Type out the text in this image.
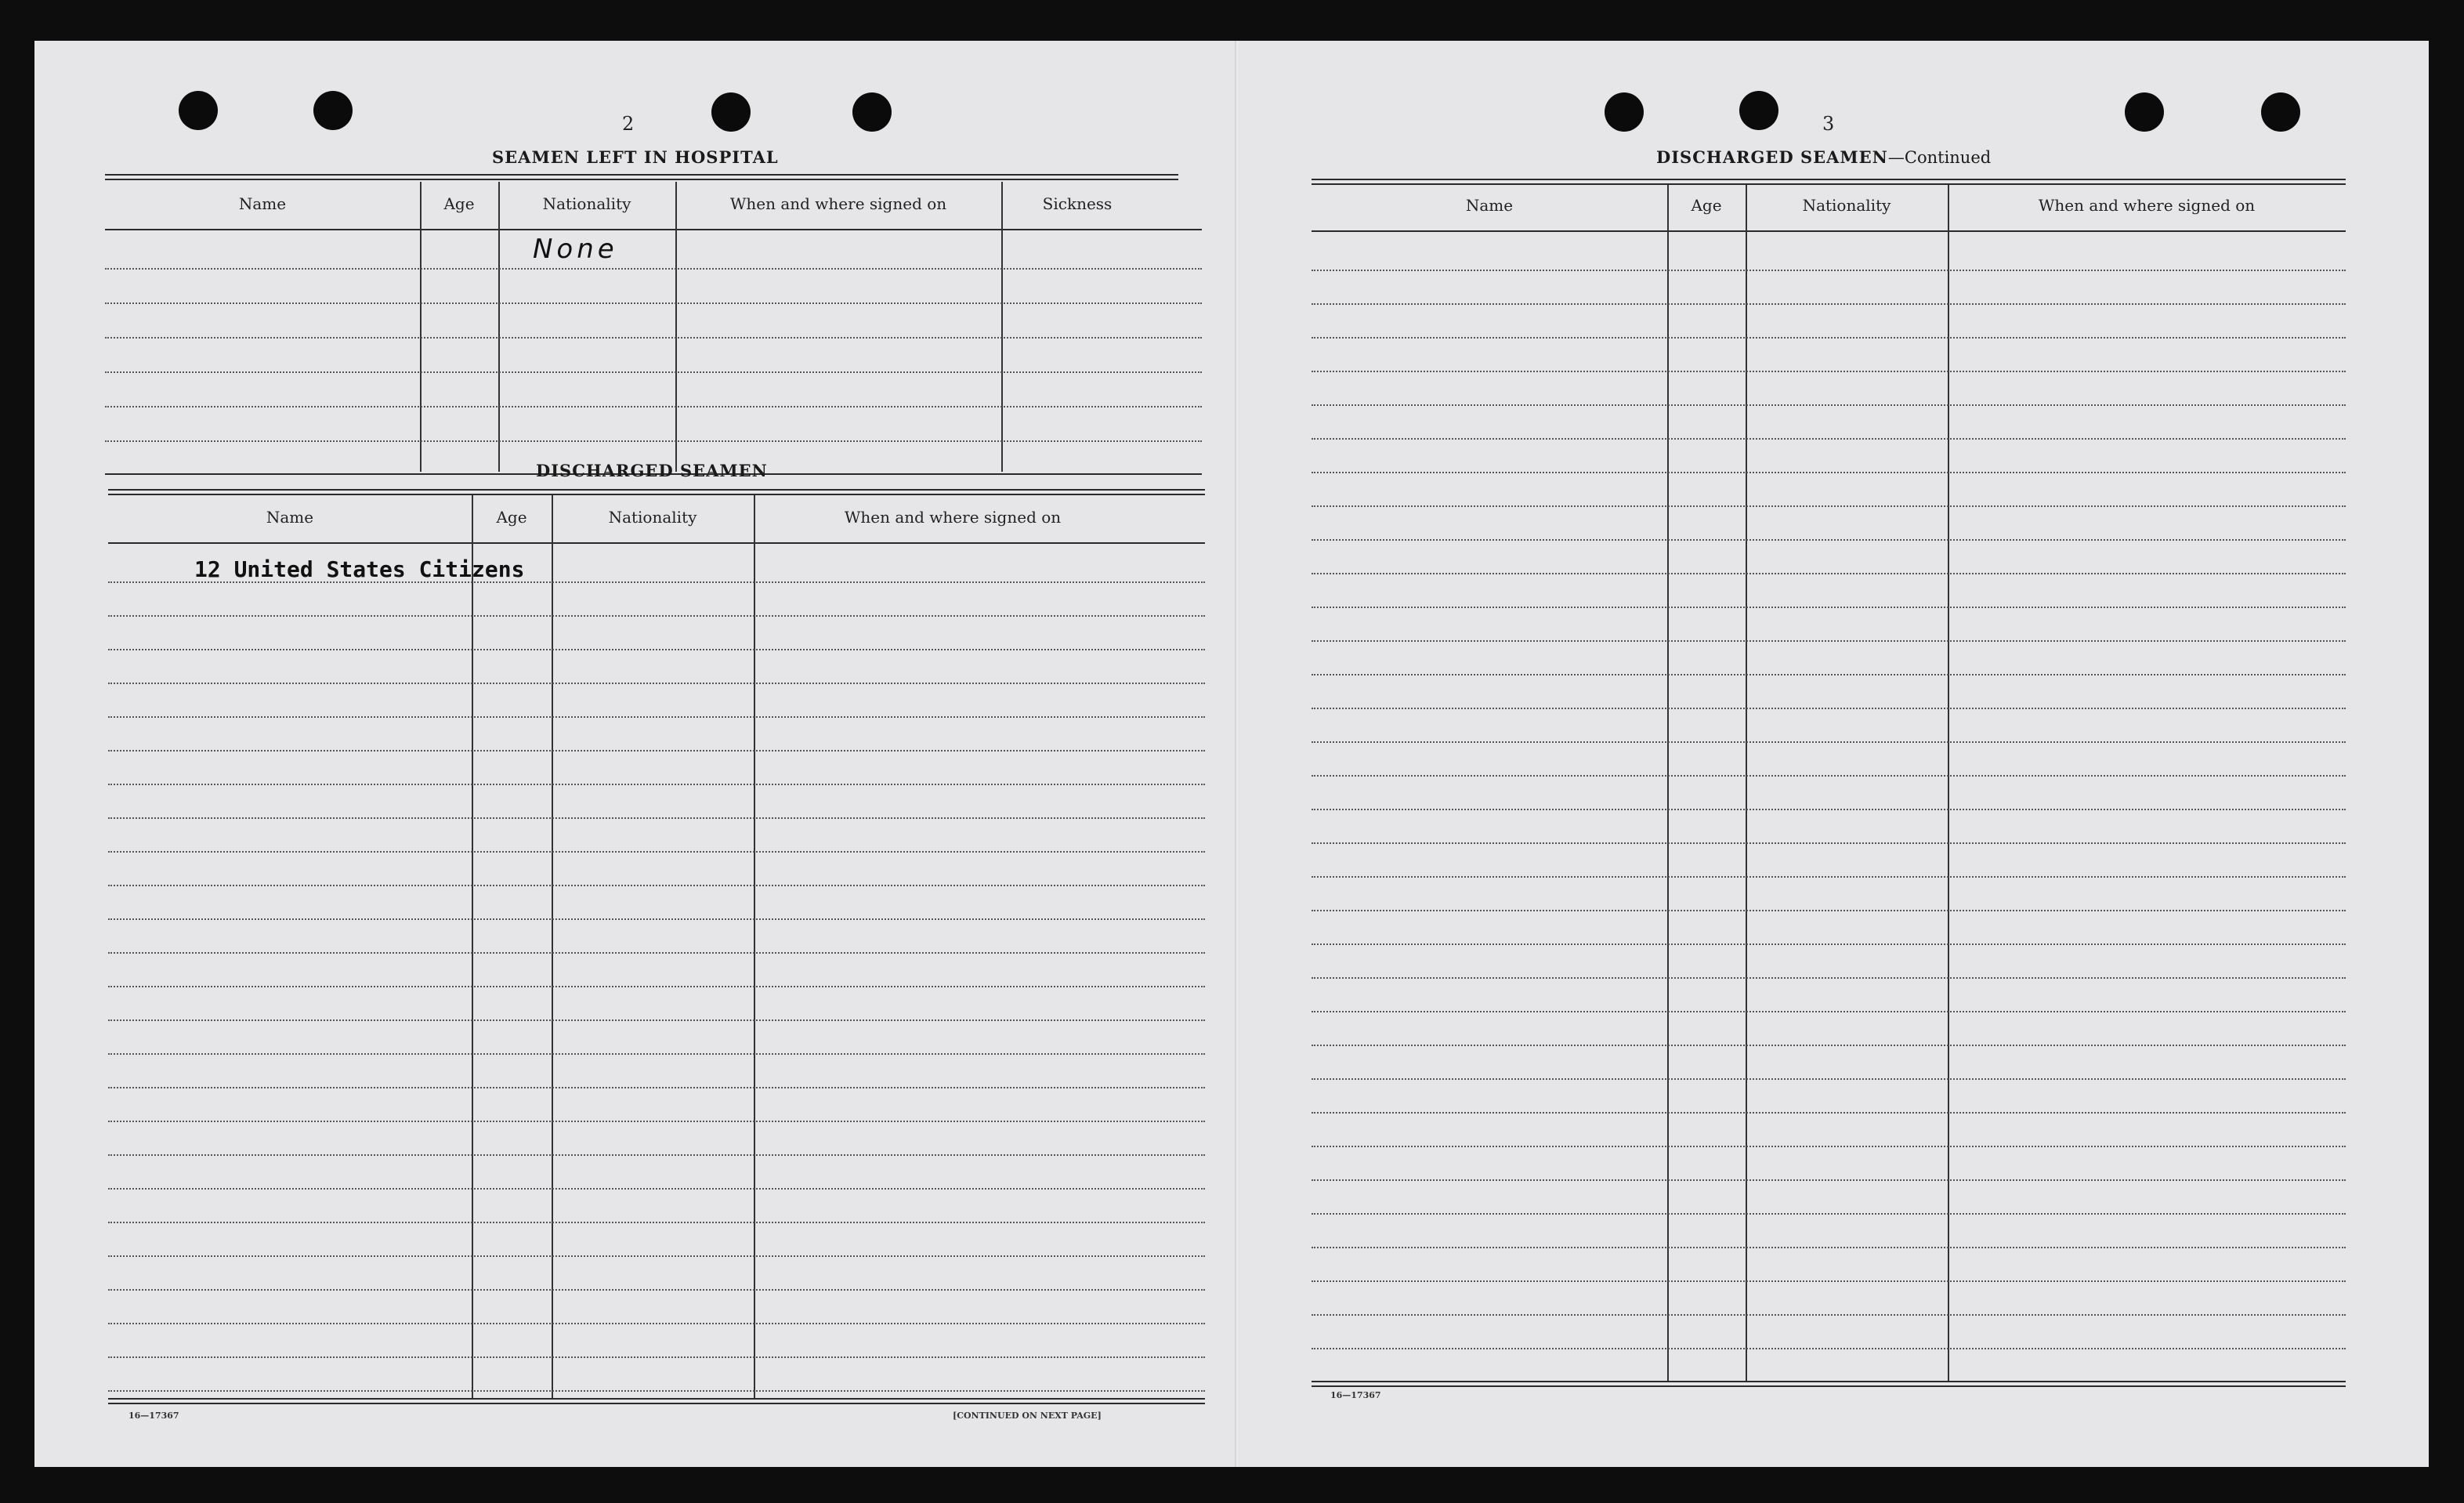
2
SEAMEN LEFT IN HOSPITAL
Name	Age	Nationality	When and where signed on	Sickness
None
DISCHARGED SEAMEN
Name	Age	Nationality	When and where signed on
12 United States Citizens
16—17367	[CONTINUED ON NEXT PAGE]
3
DISCHARGED SEAMEN—Continued
Name	Age	Nationality	When and where signed on
16—17367
